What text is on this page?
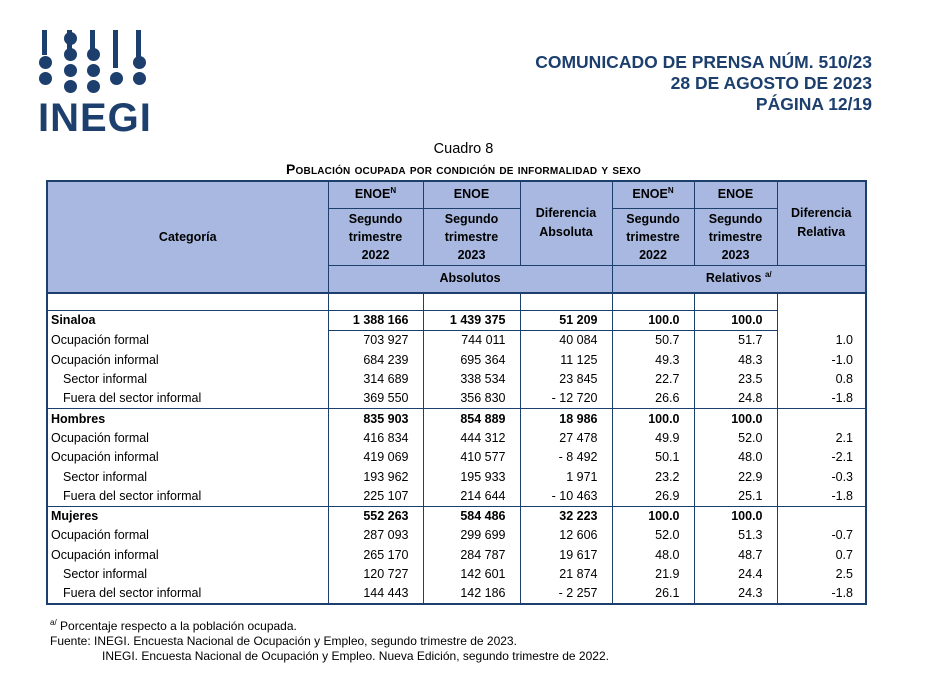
INEGI
COMUNICADO DE PRENSA NÚM. 510/23
28 DE AGOSTO DE 2023
PÁGINA 12/19
Cuadro 8
Población ocupada por condición de informalidad y sexo
Categoría	$ENOE^N$	ENOE	Diferencia Absoluta	$ENOE^N$	ENOE	Diferencia Relativa
	Segundo trimestre 2022	Segundo trimestre 2023		Segundo trimestre 2022	Segundo trimestre 2023	
	Absolutos			Relativos $^{a/}$

Sinaloa	1 388 166	1 439 375	51 209	100.0	100.0	
Ocupación formal	703 927	744 011	40 084	50.7	51.7	1.0
Ocupación informal	684 239	695 364	11 125	49.3	48.3	-1.0
Sector informal	314 689	338 534	23 845	22.7	23.5	0.8
Fuera del sector informal	369 550	356 830	- 12 720	26.6	24.8	-1.8
Hombres	835 903	854 889	18 986	100.0	100.0	
Ocupación formal	416 834	444 312	27 478	49.9	52.0	2.1
Ocupación informal	419 069	410 577	- 8 492	50.1	48.0	-2.1
Sector informal	193 962	195 933	1 971	23.2	22.9	-0.3
Fuera del sector informal	225 107	214 644	- 10 463	26.9	25.1	-1.8
Mujeres	552 263	584 486	32 223	100.0	100.0	
Ocupación formal	287 093	299 699	12 606	52.0	51.3	-0.7
Ocupación informal	265 170	284 787	19 617	48.0	48.7	0.7
Sector informal	120 727	142 601	21 874	21.9	24.4	2.5
Fuera del sector informal	144 443	142 186	- 2 257	26.1	24.3	-1.8
$^{a/}$ Porcentaje respecto a la población ocupada.
Fuente: INEGI. Encuesta Nacional de Ocupación y Empleo, segundo trimestre de 2023.
INEGI. Encuesta Nacional de Ocupación y Empleo. Nueva Edición, segundo trimestre de 2022.
